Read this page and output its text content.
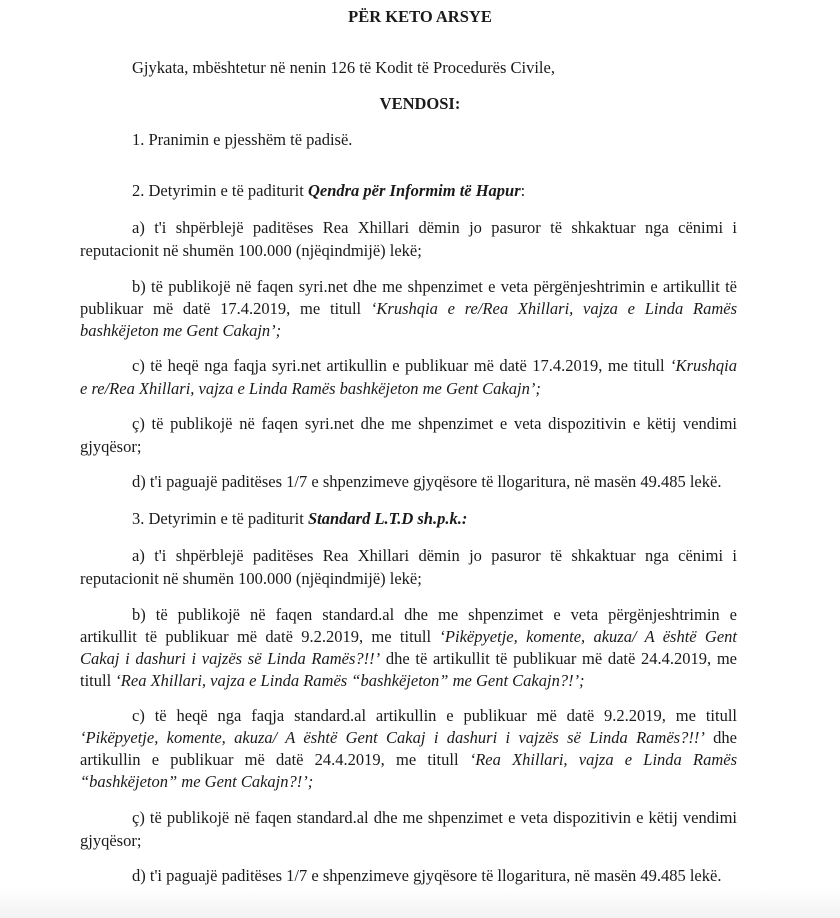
PËR KETO ARSYE
Gjykata, mbështetur në nenin 126 të Kodit të Procedurës Civile,
VENDOSI:
1. Pranimin e pjesshëm të padisë.
2. Detyrimin e të paditurit Qendra për Informim të Hapur:
a) t'i shpërblejë paditëses Rea Xhillari dëmin jo pasuror të shkaktuar nga cënimi i
reputacionit në shumën 100.000 (njëqindmijë) lekë;
b) të publikojë në faqen syri.net dhe me shpenzimet e veta përgënjeshtrimin e artikullit të
publikuar më datë 17.4.2019, me titull ‘Krushqia e re/Rea Xhillari, vajza e Linda Ramës
bashkëjeton me Gent Cakajn’;
c) të heqë nga faqja syri.net artikullin e publikuar më datë 17.4.2019, me titull ‘Krushqia
e re/Rea Xhillari, vajza e Linda Ramës bashkëjeton me Gent Cakajn’;
ç) të publikojë në faqen syri.net dhe me shpenzimet e veta dispozitivin e këtij vendimi
gjyqësor;
d) t'i paguajë paditëses 1/7 e shpenzimeve gjyqësore të llogaritura, në masën 49.485 lekë.
3. Detyrimin e të paditurit Standard L.T.D sh.p.k.:
a) t'i shpërblejë paditëses Rea Xhillari dëmin jo pasuror të shkaktuar nga cënimi i
reputacionit në shumën 100.000 (njëqindmijë) lekë;
b) të publikojë në faqen standard.al dhe me shpenzimet e veta përgënjeshtrimin e
artikullit të publikuar më datë 9.2.2019, me titull ‘Pikëpyetje, komente, akuza/ A është Gent
Cakaj i dashuri i vajzës së Linda Ramës?!!’ dhe të artikullit të publikuar më datë 24.4.2019, me
titull ‘Rea Xhillari, vajza e Linda Ramës “bashkëjeton” me Gent Cakajn?!’;
c) të heqë nga faqja standard.al artikullin e publikuar më datë 9.2.2019, me titull
‘Pikëpyetje, komente, akuza/ A është Gent Cakaj i dashuri i vajzës së Linda Ramës?!!’ dhe
artikullin e publikuar më datë 24.4.2019, me titull ‘Rea Xhillari, vajza e Linda Ramës
“bashkëjeton” me Gent Cakajn?!’;
ç) të publikojë në faqen standard.al dhe me shpenzimet e veta dispozitivin e këtij vendimi
gjyqësor;
d) t'i paguajë paditëses 1/7 e shpenzimeve gjyqësore të llogaritura, në masën 49.485 lekë.
